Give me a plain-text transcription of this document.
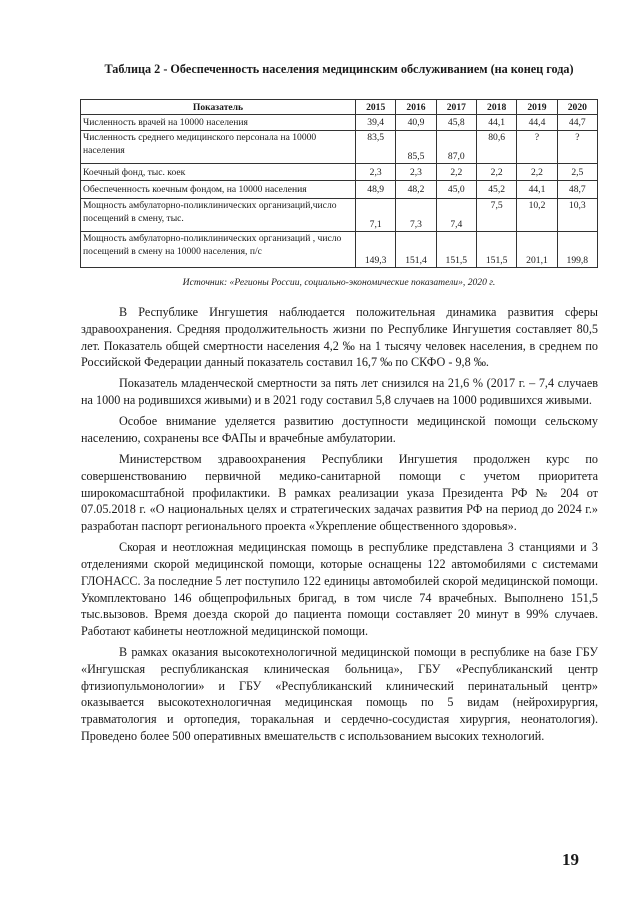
Таблица 2 - Обеспеченность населения медицинским обслуживанием (на конец года)
Показатель	2015	2016	2017	2018	2019	2020
Численность врачей на 10000 населения	39,4	40,9	45,8	44,1	44,4	44,7
Численность среднего медицинского персонала на 10000 населения	83,5	85,5	87,0	80,6	?	?
Коечный фонд, тыс. коек	2,3	2,3	2,2	2,2	2,2	2,5
Обеспеченность коечным фондом, на 10000 населения	48,9	48,2	45,0	45,2	44,1	48,7
Мощность амбулаторно-поликлинических организаций,число посещений в смену, тыс.	7,1	7,3	7,4	7,5	10,2	10,3
Мощность амбулаторно-поликлинических организаций , число посещений в смену на 10000 населения, п/с	149,3	151,4	151,5	151,5	201,1	199,8
Источник: «Регионы России, социально-экономические показатели», 2020 г.

В Республике Ингушетия наблюдается положительная динамика развития сферы здравоохранения. Средняя продолжительность жизни по Республике Ингушетия составляет 80,5 лет. Показатель общей смертности населения 4,2 ‰ на 1 тысячу человек населения, в среднем по Российской Федерации данный показатель составил 16,7 ‰ по СКФО - 9,8 ‰.

Показатель младенческой смертности за пять лет снизился на 21,6 % (2017 г. – 7,4 случаев на 1000 на родившихся живыми) и в 2021 году составил 5,8 случаев на 1000 родившихся живыми.

Особое внимание уделяется развитию доступности медицинской помощи сельскому населению, сохранены все ФАПы и врачебные амбулатории.

Министерством здравоохранения Республики Ингушетия продолжен курс по совершенствованию первичной медико-санитарной помощи с учетом приоритета широкомасштабной профилактики. В рамках реализации указа Президента РФ № 204 от 07.05.2018 г. «О национальных целях и стратегических задачах развития РФ на период до 2024 г.» разработан паспорт регионального проекта «Укрепление общественного здоровья».

Скорая и неотложная медицинская помощь в республике представлена 3 станциями и 3 отделениями скорой медицинской помощи, которые оснащены 122 автомобилями с системами ГЛОНАСС. За последние 5 лет поступило 122 единицы автомобилей скорой медицинской помощи. Укомплектовано 146 общепрофильных бригад, в том числе 74 врачебных. Выполнено 151,5 тыс.вызовов. Время доезда скорой до пациента помощи составляет 20 минут в 99% случаев. Работают кабинеты неотложной медицинской помощи.

В рамках оказания высокотехнологичной медицинской помощи в республике на базе ГБУ «Ингушская республиканская клиническая больница», ГБУ «Республиканский центр фтизиопульмонологии» и ГБУ «Республиканский клинический перинатальный центр» оказывается высокотехнологичная медицинская помощь по 5 видам (нейрохирургия, травматология и ортопедия, торакальная и сердечно-сосудистая хирургия, неонатология). Проведено более 500 оперативных вмешательств с использованием высоких технологий.

19
